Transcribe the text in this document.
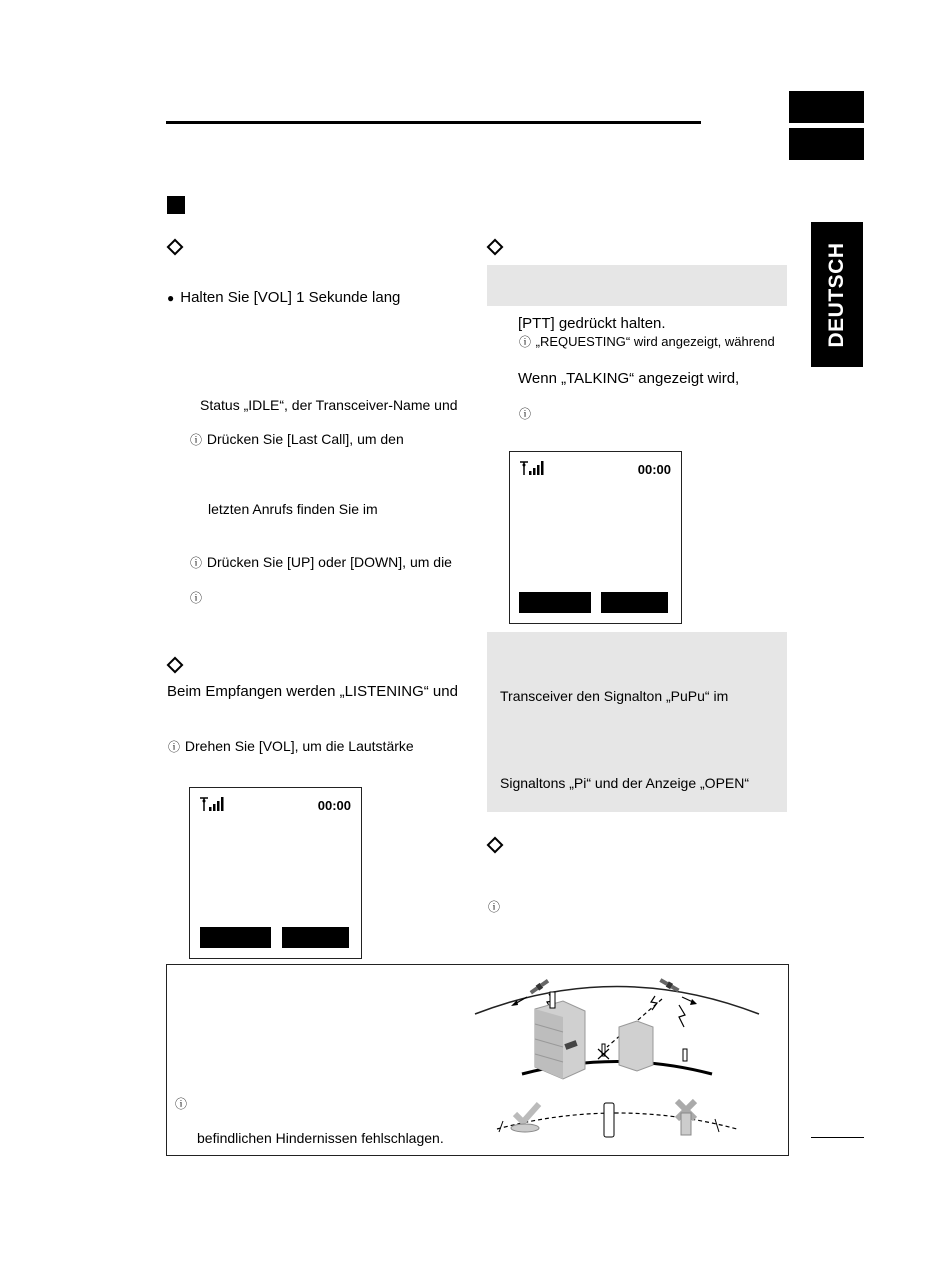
DEUTSCH
● Halten Sie [VOL] 1 Sekunde lang
Status „IDLE“, der Transceiver-Name und
ⓘ Drücken Sie [Last Call], um den
letzten Anrufs finden Sie im
ⓘ Drücken Sie [UP] oder [DOWN], um die
ⓘ
Beim Empfangen werden „LISTENING“ und
ⓘ Drehen Sie [VOL], um die Lautstärke
00:00
[PTT] gedrückt halten.
ⓘ „REQUESTING“ wird angezeigt, während
Wenn „TALKING“ angezeigt wird,
ⓘ
00:00
Transceiver den Signalton „PuPu“ im
Signaltons „Pi“ und der Anzeige „OPEN“
ⓘ
ⓘ
befindlichen Hindernissen fehlschlagen.
